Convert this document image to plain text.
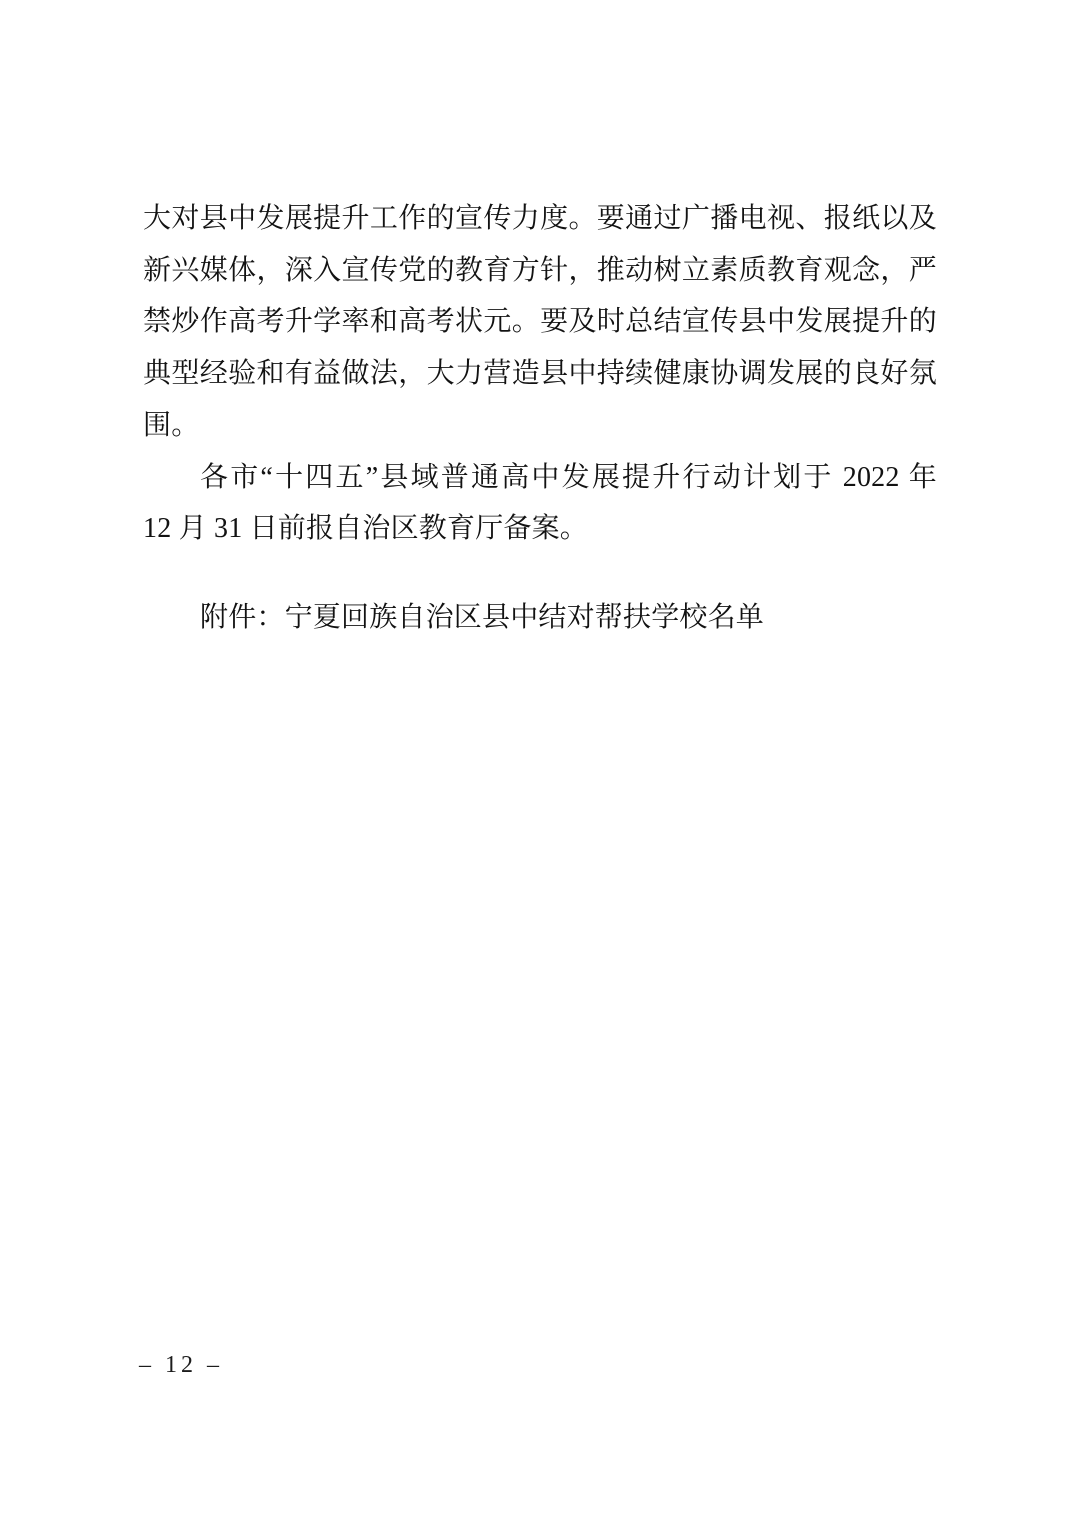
大对县中发展提升工作的宣传力度。要通过广播电视、报纸以及
新兴媒体，深入宣传党的教育方针，推动树立素质教育观念，严
禁炒作高考升学率和高考状元。要及时总结宣传县中发展提升的
典型经验和有益做法，大力营造县中持续健康协调发展的良好氛
围。
各市“十四五”县域普通高中发展提升行动计划于 2022 年
12 月 31 日前报自治区教育厅备案。
附件：宁夏回族自治区县中结对帮扶学校名单
– 12 –
